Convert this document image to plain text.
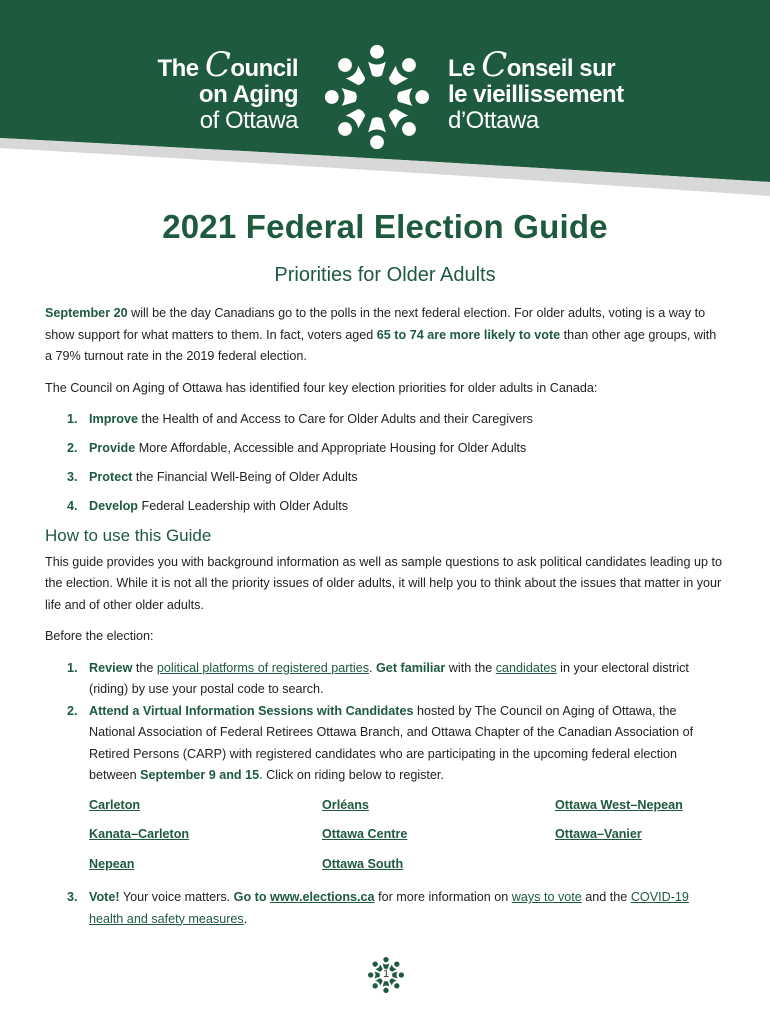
The Council
on Aging
of Ottawa
Le Conseil sur
le vieillissement
d’Ottawa
2021 Federal Election Guide
Priorities for Older Adults

September 20 will be the day Canadians go to the polls in the next federal election. For older adults, voting is a way to show support for what matters to them. In fact, voters aged 65 to 74 are more likely to vote than other age groups, with a 79% turnout rate in the 2019 federal election.

The Council on Aging of Ottawa has identified four key election priorities for older adults in Canada:

1. Improve the Health of and Access to Care for Older Adults and their Caregivers
2. Provide More Affordable, Accessible and Appropriate Housing for Older Adults
3. Protect the Financial Well-Being of Older Adults
4. Develop Federal Leadership with Older Adults
How to use this Guide

This guide provides you with background information as well as sample questions to ask political candidates leading up to the election. While it is not all the priority issues of older adults, it will help you to think about the issues that matter in your life and of other older adults.

Before the election:

1. Review the political platforms of registered parties. Get familiar with the candidates in your electoral district (riding) by use your postal code to search.
2. Attend a Virtual Information Sessions with Candidates hosted by The Council on Aging of Ottawa, the National Association of Federal Retirees Ottawa Branch, and Ottawa Chapter of the Canadian Association of Retired Persons (CARP) with registered candidates who are participating in the upcoming federal election between September 9 and 15. Click on riding below to register.
Carleton	Orléans	Ottawa West–Nepean
Kanata–Carleton	Ottawa Centre	Ottawa–Vanier
Nepean	Ottawa South
3. Vote! Your voice matters. Go to www.elections.ca for more information on ways to vote and the COVID-19 health and safety measures.
1
